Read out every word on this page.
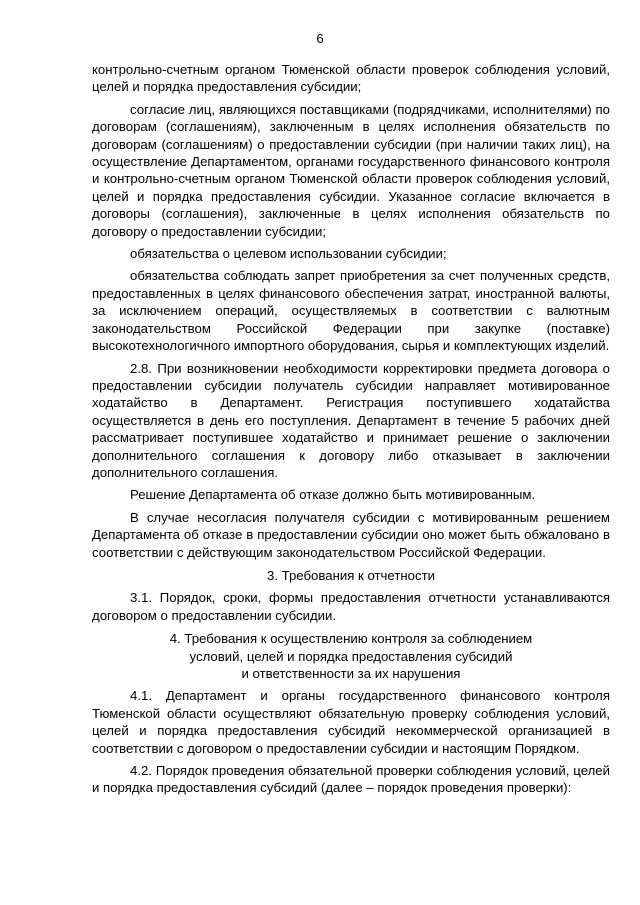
6

контрольно-счетным органом Тюменской области проверок соблюдения условий, целей и порядка предоставления субсидии;

согласие лиц, являющихся поставщиками (подрядчиками, исполнителями) по договорам (соглашениям), заключенным в целях исполнения обязательств по договорам (соглашениям) о предоставлении субсидии (при наличии таких лиц), на осуществление Департаментом, органами государственного финансового контроля и контрольно-счетным органом Тюменской области проверок соблюдения условий, целей и порядка предоставления субсидии. Указанное согласие включается в договоры (соглашения), заключенные в целях исполнения обязательств по договору о предоставлении субсидии;

обязательства о целевом использовании субсидии;

обязательства соблюдать запрет приобретения за счет полученных средств, предоставленных в целях финансового обеспечения затрат, иностранной валюты, за исключением операций, осуществляемых в соответствии с валютным законодательством Российской Федерации при закупке (поставке) высокотехнологичного импортного оборудования, сырья и комплектующих изделий.

2.8. При возникновении необходимости корректировки предмета договора о предоставлении субсидии получатель субсидии направляет мотивированное ходатайство в Департамент. Регистрация поступившего ходатайства осуществляется в день его поступления. Департамент в течение 5 рабочих дней рассматривает поступившее ходатайство и принимает решение о заключении дополнительного соглашения к договору либо отказывает в заключении дополнительного соглашения.

Решение Департамента об отказе должно быть мотивированным.

В случае несогласия получателя субсидии с мотивированным решением Департамента об отказе в предоставлении субсидии оно может быть обжаловано в соответствии с действующим законодательством Российской Федерации.

3. Требования к отчетности

3.1. Порядок, сроки, формы предоставления отчетности устанавливаются договором о предоставлении субсидии.

4. Требования к осуществлению контроля за соблюдением
условий, целей и порядка предоставления субсидий
и ответственности за их нарушения

4.1. Департамент и органы государственного финансового контроля Тюменской области осуществляют обязательную проверку соблюдения условий, целей и порядка предоставления субсидий некоммерческой организацией в соответствии с договором о предоставлении субсидии и настоящим Порядком.

4.2. Порядок проведения обязательной проверки соблюдения условий, целей и порядка предоставления субсидий (далее – порядок проведения проверки):
